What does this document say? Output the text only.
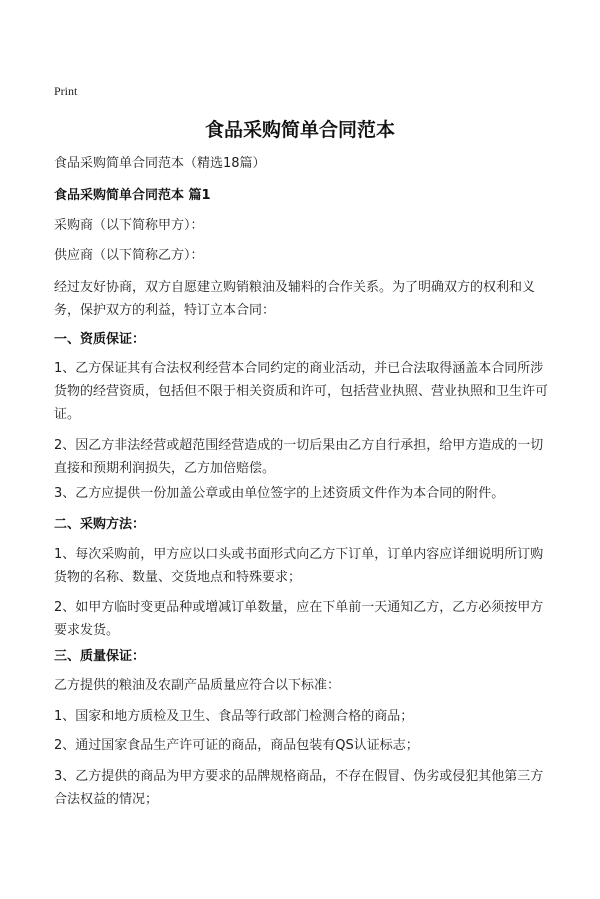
Print
食品采购简单合同范本

食品采购简单合同范本（精选18篇）

食品采购简单合同范本 篇1

采购商（以下简称甲方）：

供应商（以下简称乙方）：

经过友好协商，双方自愿建立购销粮油及辅料的合作关系。为了明确双方的权利和义务，保护双方的利益，特订立本合同：

一、资质保证：

1、乙方保证其有合法权利经营本合同约定的商业活动，并已合法取得涵盖本合同所涉货物的经营资质，包括但不限于相关资质和许可，包括营业执照、营业执照和卫生许可证。

2、因乙方非法经营或超范围经营造成的一切后果由乙方自行承担，给甲方造成的一切直接和预期利润损失，乙方加倍赔偿。

3、乙方应提供一份加盖公章或由单位签字的上述资质文件作为本合同的附件。

二、采购方法：

1、每次采购前，甲方应以口头或书面形式向乙方下订单，订单内容应详细说明所订购货物的名称、数量、交货地点和特殊要求；

2、如甲方临时变更品种或增减订单数量，应在下单前一天通知乙方，乙方必须按甲方要求发货。

三、质量保证：

乙方提供的粮油及农副产品质量应符合以下标准：

1、国家和地方质检及卫生、食品等行政部门检测合格的商品；

2、通过国家食品生产许可证的商品，商品包装有QS认证标志；

3、乙方提供的商品为甲方要求的品牌规格商品，不存在假冒、伪劣或侵犯其他第三方合法权益的情况；
